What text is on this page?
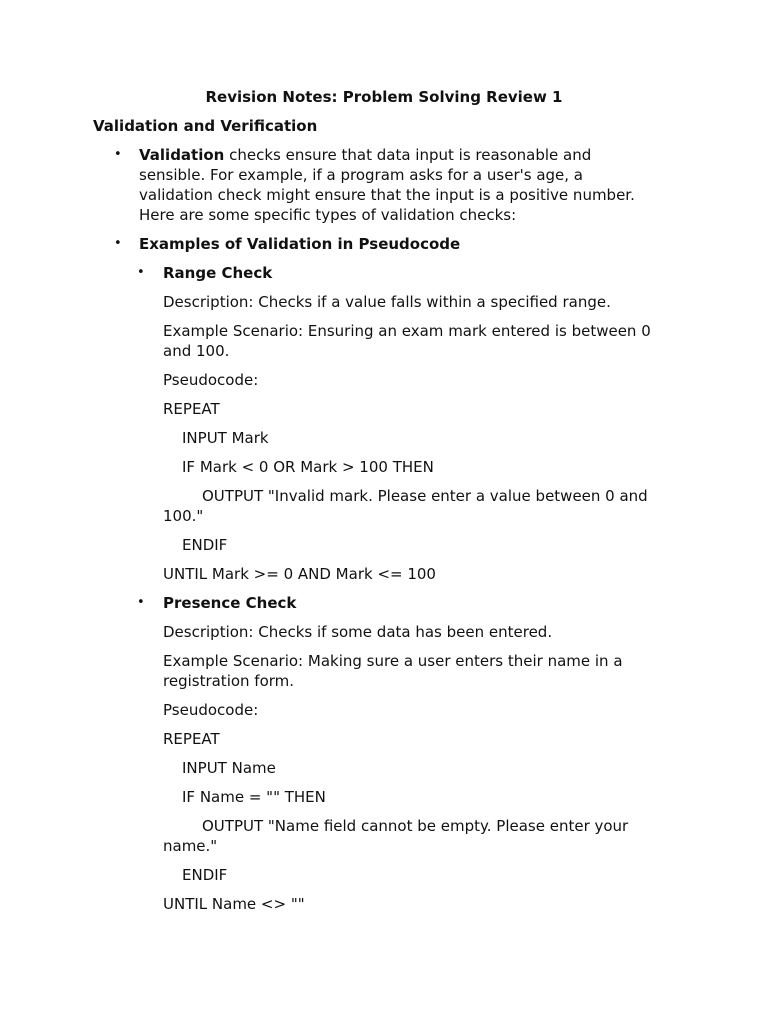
Revision Notes: Problem Solving Review 1
Validation and Verification
• Validation checks ensure that data input is reasonable and sensible. For example, if a program asks for a user's age, a validation check might ensure that the input is a positive number. Here are some specific types of validation checks:
• Examples of Validation in Pseudocode
• Range Check
Description: Checks if a value falls within a specified range.
Example Scenario: Ensuring an exam mark entered is between 0 and 100.
Pseudocode:
REPEAT
INPUT Mark
IF Mark < 0 OR Mark > 100 THEN
OUTPUT "Invalid mark. Please enter a value between 0 and 100."
ENDIF
UNTIL Mark >= 0 AND Mark <= 100
• Presence Check
Description: Checks if some data has been entered.
Example Scenario: Making sure a user enters their name in a registration form.
Pseudocode:
REPEAT
INPUT Name
IF Name = "" THEN
OUTPUT "Name field cannot be empty. Please enter your name."
ENDIF
UNTIL Name <> ""
